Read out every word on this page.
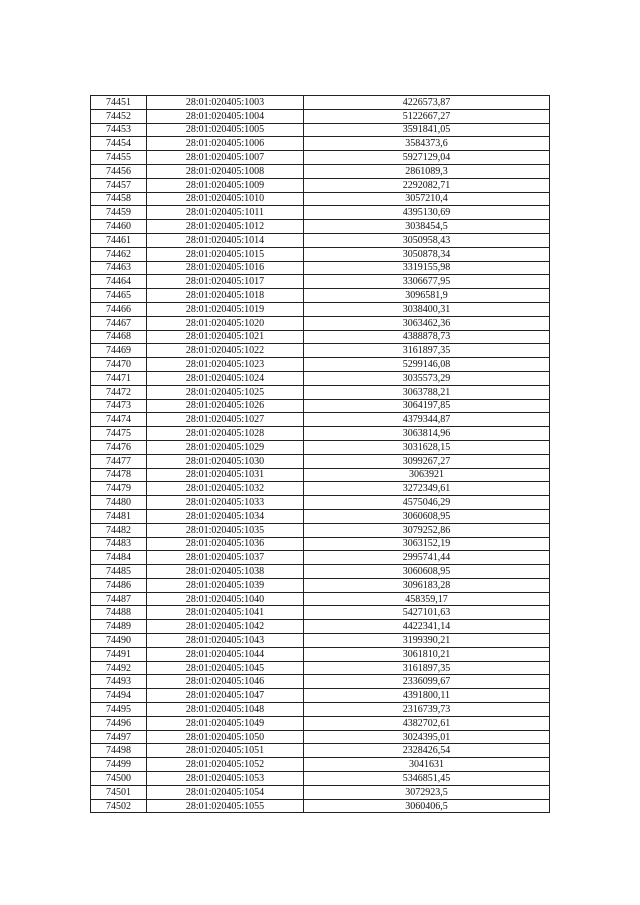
74451	28:01:020405:1003	4226573,87
74452	28:01:020405:1004	5122667,27
74453	28:01:020405:1005	3591841,05
74454	28:01:020405:1006	3584373,6
74455	28:01:020405:1007	5927129,04
74456	28:01:020405:1008	2861089,3
74457	28:01:020405:1009	2292082,71
74458	28:01:020405:1010	3057210,4
74459	28:01:020405:1011	4395130,69
74460	28:01:020405:1012	3038454,5
74461	28:01:020405:1014	3050958,43
74462	28:01:020405:1015	3050878,34
74463	28:01:020405:1016	3319155,98
74464	28:01:020405:1017	3306677,95
74465	28:01:020405:1018	3096581,9
74466	28:01:020405:1019	3038400,31
74467	28:01:020405:1020	3063462,36
74468	28:01:020405:1021	4388878,73
74469	28:01:020405:1022	3161897,35
74470	28:01:020405:1023	5299146,08
74471	28:01:020405:1024	3035573,29
74472	28:01:020405:1025	3063788,21
74473	28:01:020405:1026	3064197,85
74474	28:01:020405:1027	4379344,87
74475	28:01:020405:1028	3063814,96
74476	28:01:020405:1029	3031628,15
74477	28:01:020405:1030	3099267,27
74478	28:01:020405:1031	3063921
74479	28:01:020405:1032	3272349,61
74480	28:01:020405:1033	4575046,29
74481	28:01:020405:1034	3060608,95
74482	28:01:020405:1035	3079252,86
74483	28:01:020405:1036	3063152,19
74484	28:01:020405:1037	2995741,44
74485	28:01:020405:1038	3060608,95
74486	28:01:020405:1039	3096183,28
74487	28:01:020405:1040	458359,17
74488	28:01:020405:1041	5427101,63
74489	28:01:020405:1042	4422341,14
74490	28:01:020405:1043	3199390,21
74491	28:01:020405:1044	3061810,21
74492	28:01:020405:1045	3161897,35
74493	28:01:020405:1046	2336099,67
74494	28:01:020405:1047	4391800,11
74495	28:01:020405:1048	2316739,73
74496	28:01:020405:1049	4382702,61
74497	28:01:020405:1050	3024395,01
74498	28:01:020405:1051	2328426,54
74499	28:01:020405:1052	3041631
74500	28:01:020405:1053	5346851,45
74501	28:01:020405:1054	3072923,5
74502	28:01:020405:1055	3060406,5
